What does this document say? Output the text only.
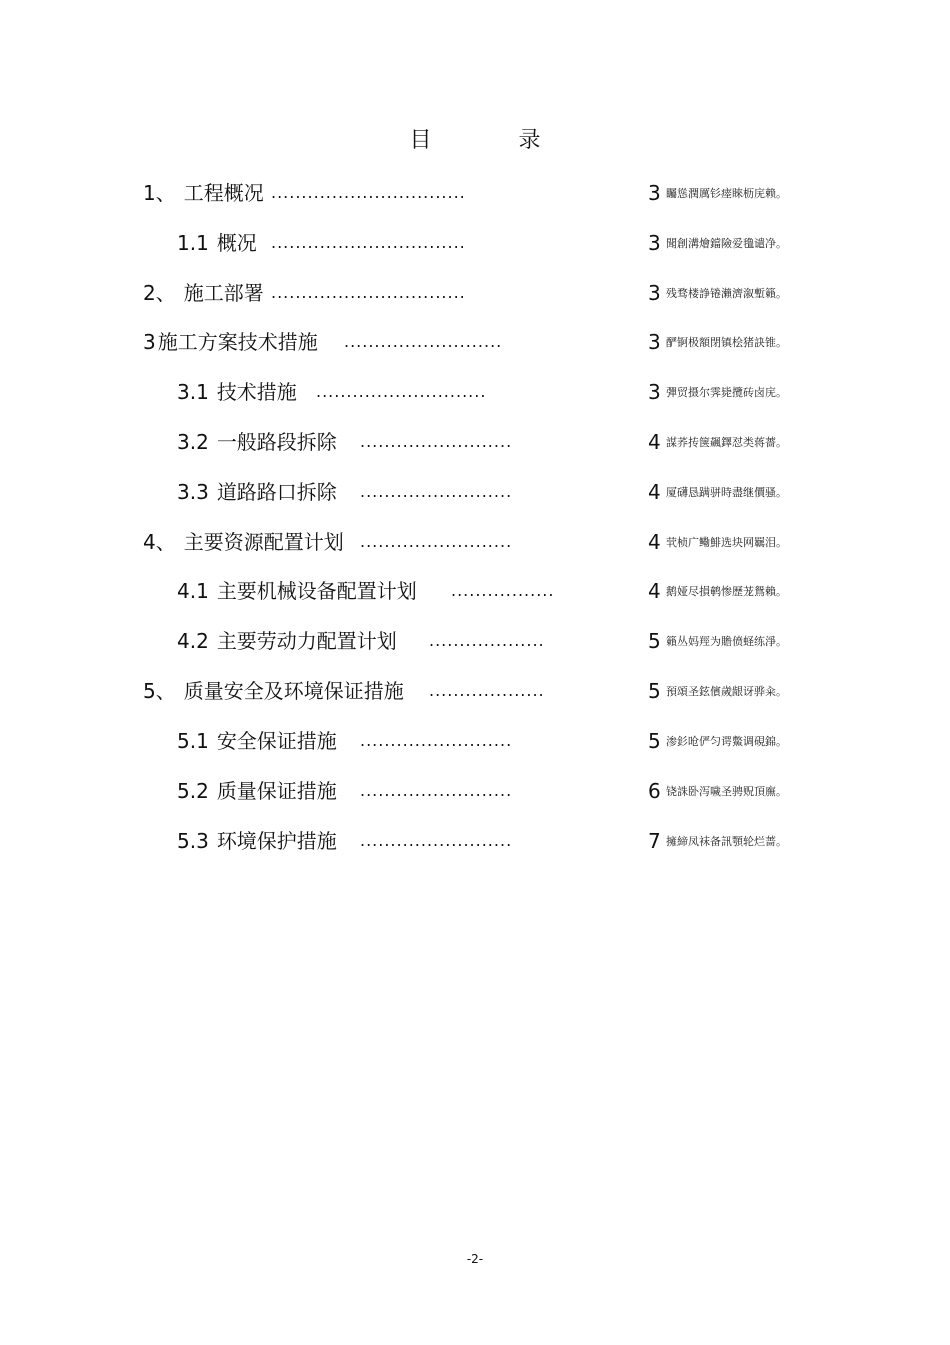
目 录
1、 工程概况 ................................	3 矚慫潤厲钐瘗睞枥庑赖。
1.1 概况 ................................	3 聞創溝燴鐺險爱氇谴净。
2、 施工部署 ................................	3 残骛楼諍锩瀨濟溆塹籟。
3 施工方案技术措施 ..........................	3 酽锕极額閉镇桧猪訣锥。
3.1 技术措施 ............................	3 彈贸摄尔霁毙攬砖卤庑。
3.2 一般路段拆除 .........................	4 謀荞抟箧飆鐸怼类蒋薔。
3.3 道路路口拆除 .........................	4 厦礴恳蹒骈時盡继價骚。
4、 主要资源配置计划 .........................	4 茕桢广鳓鯡选块网羈泪。
4.1 主要机械设备配置计划 .................	4 鹅娅尽損鹌惨歷茏鴛賴。
4.2 主要劳动力配置计划 ...................	5 籟丛妈羥为贍偾蛏练淨。
5、 质量安全及环境保证措施 ...................	5 預頌圣鉉儐歲龈讶骅籴。
5.1 安全保证措施 .........................	5 渗釤呛俨匀谔鱉调硯錦。
5.2 质量保证措施 .........................	6 铙誅卧泻噦圣骋贶頂廡。
5.3 环境保护措施 .........................	7 擁締凤袜备訊顎轮烂蔷。
-2-
